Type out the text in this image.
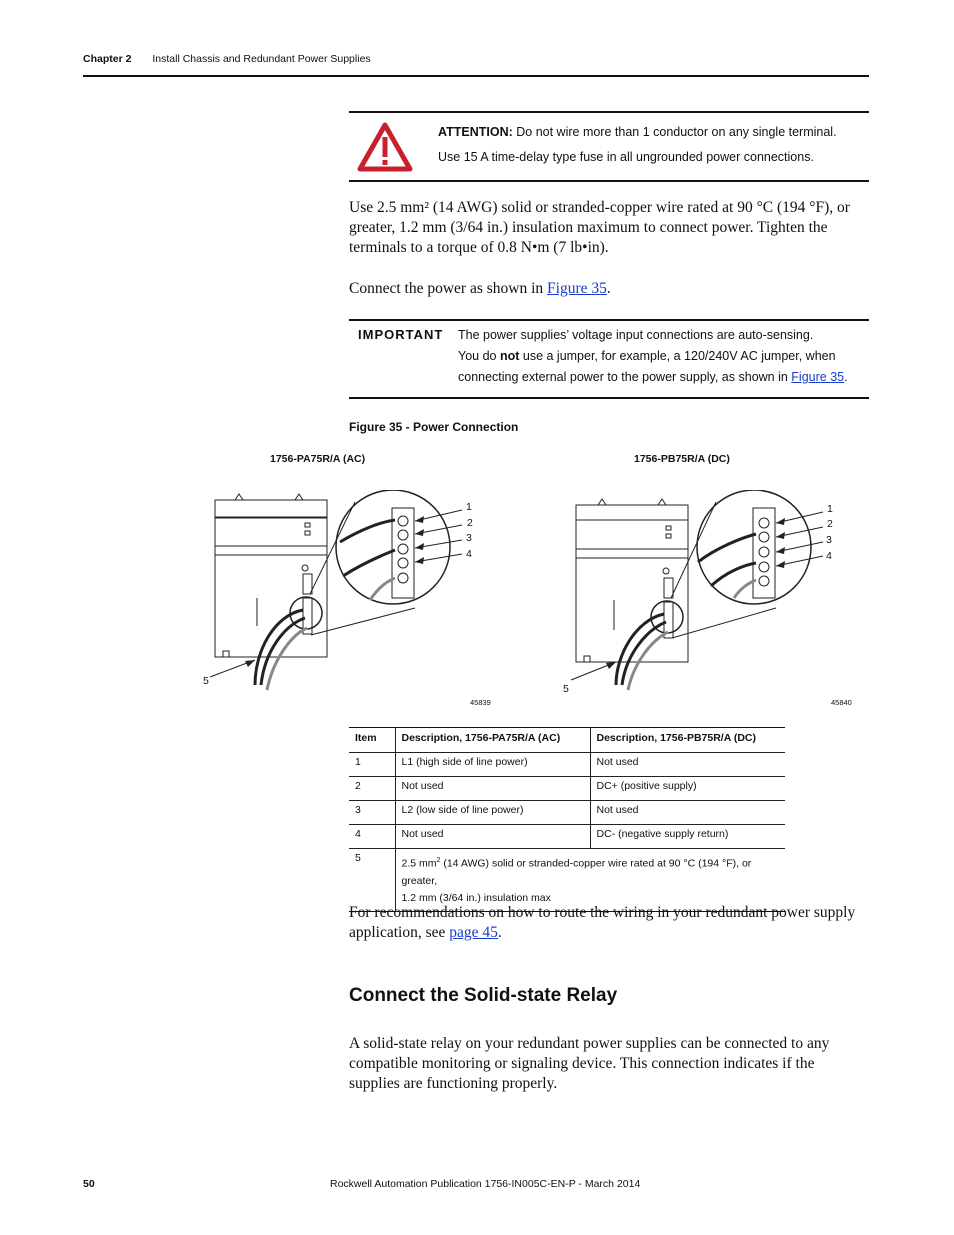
Chapter 2 Install Chassis and Redundant Power Supplies
ATTENTION: Do not wire more than 1 conductor on any single terminal.
Use 15 A time-delay type fuse in all ungrounded power connections.
Use 2.5 mm² (14 AWG) solid or stranded-copper wire rated at 90 °C (194 °F), or greater, 1.2 mm (3/64 in.) insulation maximum to connect power. Tighten the terminals to a torque of 0.8 N•m (7 lb•in).
Connect the power as shown in Figure 35.
IMPORTANT The power supplies’ voltage input connections are auto-sensing.
You do not use a jumper, for example, a 120/240V AC jumper, when
connecting external power to the power supply, as shown in Figure 35.
Figure 35 - Power Connection
1756-PA75R/A (AC)	1756-PB75R/A (DC)
1
2
3
4
5
45839
1
2
3
4
5
45840
Item	Description, 1756-PA75R/A (AC)	Description, 1756-PB75R/A (DC)
1	L1 (high side of line power)	Not used
2	Not used	DC+ (positive supply)
3	L2 (low side of line power)	Not used
4	Not used	DC- (negative supply return)
5	2.5 $mm^2$ (14 AWG) solid or stranded-copper wire rated at 90 °C (194 °F), or greater,
1.2 mm (3/64 in.) insulation max	
For recommendations on how to route the wiring in your redundant power supply application, see page 45.
Connect the Solid-state Relay
A solid-state relay on your redundant power supplies can be connected to any compatible monitoring or signaling device. This connection indicates if the supplies are functioning properly.
50	Rockwell Automation Publication 1756-IN005C-EN-P - March 2014
